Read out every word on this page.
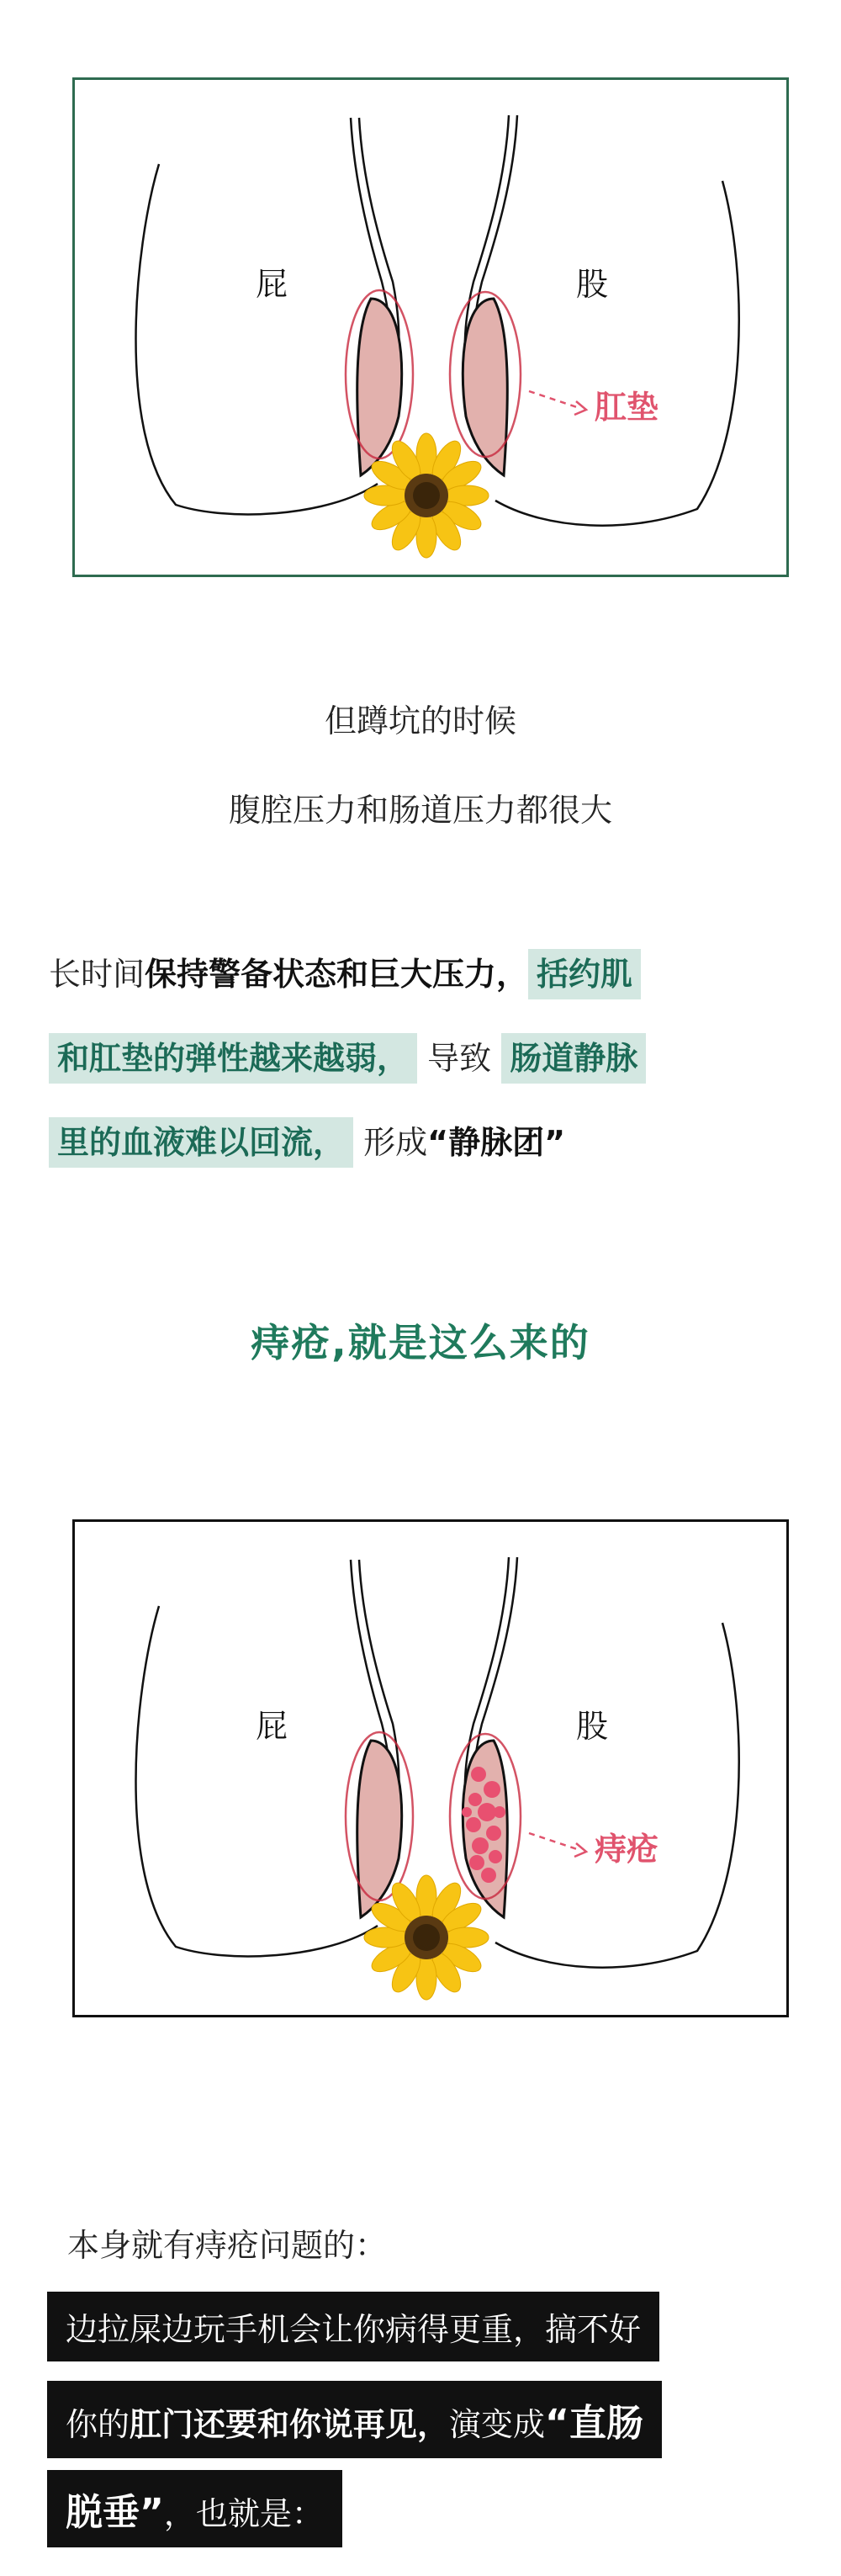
屁	股
肛垫
但蹲坑的时候
腹腔压力和肠道压力都很大
长时间保持警备状态和巨大压力， 括约肌
和肛垫的弹性越来越弱， 导致 肠道静脉
里的血液难以回流， 形成“静脉团”
痔疮,就是这么来的
屁	股
痔疮
本身就有痔疮问题的：
边拉屎边玩手机会让你病得更重，搞不好
你的肛门还要和你说再见，演变成“直肠
脱垂”，也就是：
